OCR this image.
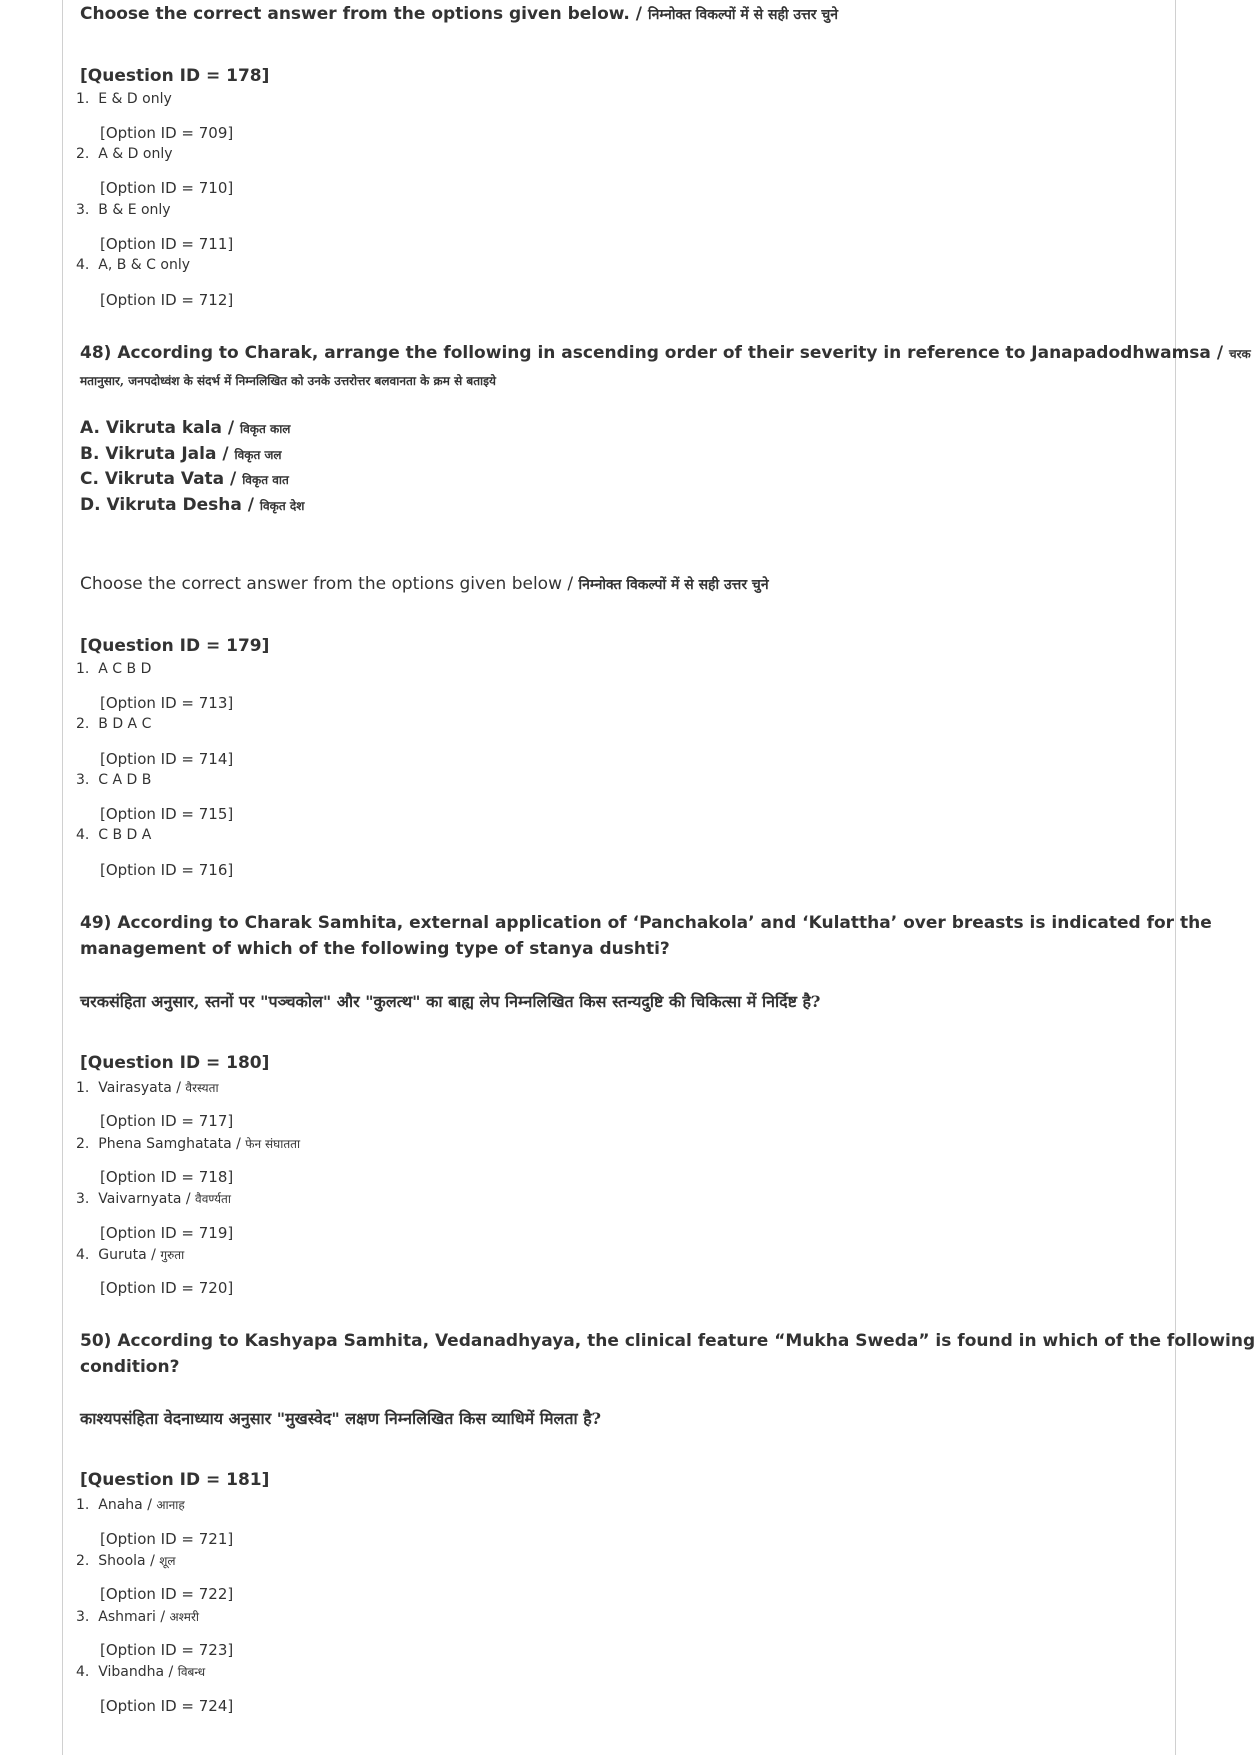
Choose the correct answer from the options given below. / निम्नोक्त विकल्पों में से सही उत्तर चुने
[Question ID = 178]
1. E & D only
[Option ID = 709]
2. A & D only
[Option ID = 710]
3. B & E only
[Option ID = 711]
4. A, B & C only
[Option ID = 712]
48) According to Charak, arrange the following in ascending order of their severity in reference to Janapadodhwamsa / चरक
मतानुसार, जनपदोध्वंश के संदर्भ में निम्नलिखित को उनके उत्तरोत्तर बलवानता के क्रम से बताइये
A. Vikruta kala / विकृत काल
B. Vikruta Jala / विकृत जल
C. Vikruta Vata / विकृत वात
D. Vikruta Desha / विकृत देश
Choose the correct answer from the options given below / निम्नोक्त विकल्पों में से सही उत्तर चुने
[Question ID = 179]
1. A C B D
[Option ID = 713]
2. B D A C
[Option ID = 714]
3. C A D B
[Option ID = 715]
4. C B D A
[Option ID = 716]
49) According to Charak Samhita, external application of ‘Panchakola’ and ‘Kulattha’ over breasts is indicated for the
management of which of the following type of stanya dushti?
चरकसंहिता अनुसार, स्तनों पर "पञ्चकोल" और "कुलत्थ" का बाह्य लेप निम्नलिखित किस स्तन्यदुष्टि की चिकित्सा में निर्दिष्ट है?
[Question ID = 180]
1. Vairasyata / वैरस्यता
[Option ID = 717]
2. Phena Samghatata / फेन संघातता
[Option ID = 718]
3. Vaivarnyata / वैवर्ण्यता
[Option ID = 719]
4. Guruta / गुरुता
[Option ID = 720]
50) According to Kashyapa Samhita, Vedanadhyaya, the clinical feature “Mukha Sweda” is found in which of the following
condition?
काश्यपसंहिता वेदनाध्याय अनुसार "मुखस्वेद" लक्षण निम्नलिखित किस व्याधिमें मिलता है?
[Question ID = 181]
1. Anaha / आनाह
[Option ID = 721]
2. Shoola / शूल
[Option ID = 722]
3. Ashmari / अश्मरी
[Option ID = 723]
4. Vibandha / विबन्ध
[Option ID = 724]
